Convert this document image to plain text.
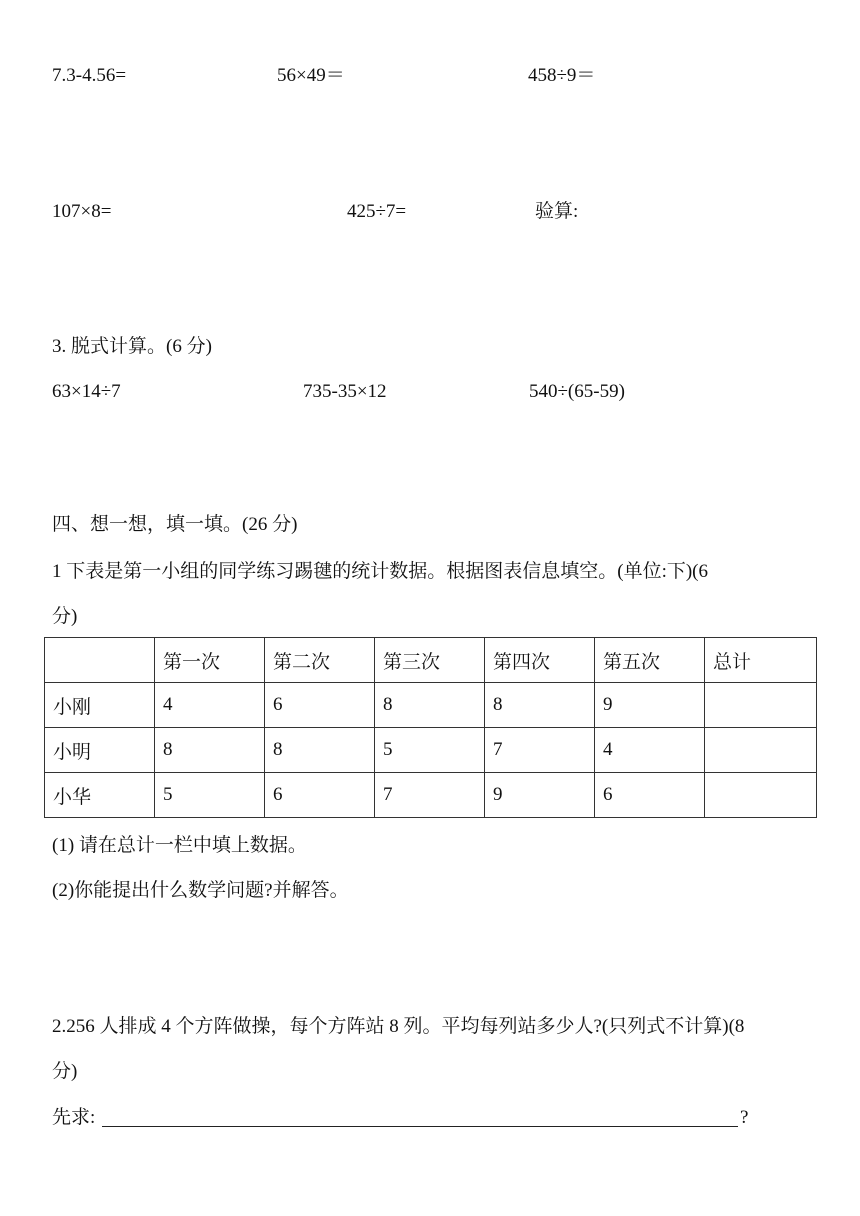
7.3-4.56=	56×49＝	458÷9＝
107×8=	425÷7=	验算:
3. 脱式计算。(6 分)
63×14÷7	735-35×12	540÷(65-59)
四、想一想，填一填。(26 分)
1 下表是第一小组的同学练习踢毽的统计数据。根据图表信息填空。(单位:下)(6
分)
	第一次	第二次	第三次	第四次	第五次	总计
小刚	4	6	8	8	9	
小明	8	8	5	7	4	
小华	5	6	7	9	6	
(1) 请在总计一栏中填上数据。
(2)你能提出什么数学问题?并解答。
2.256 人排成 4 个方阵做操，每个方阵站 8 列。平均每列站多少人?(只列式不计算)(8
分)
先求:	?
